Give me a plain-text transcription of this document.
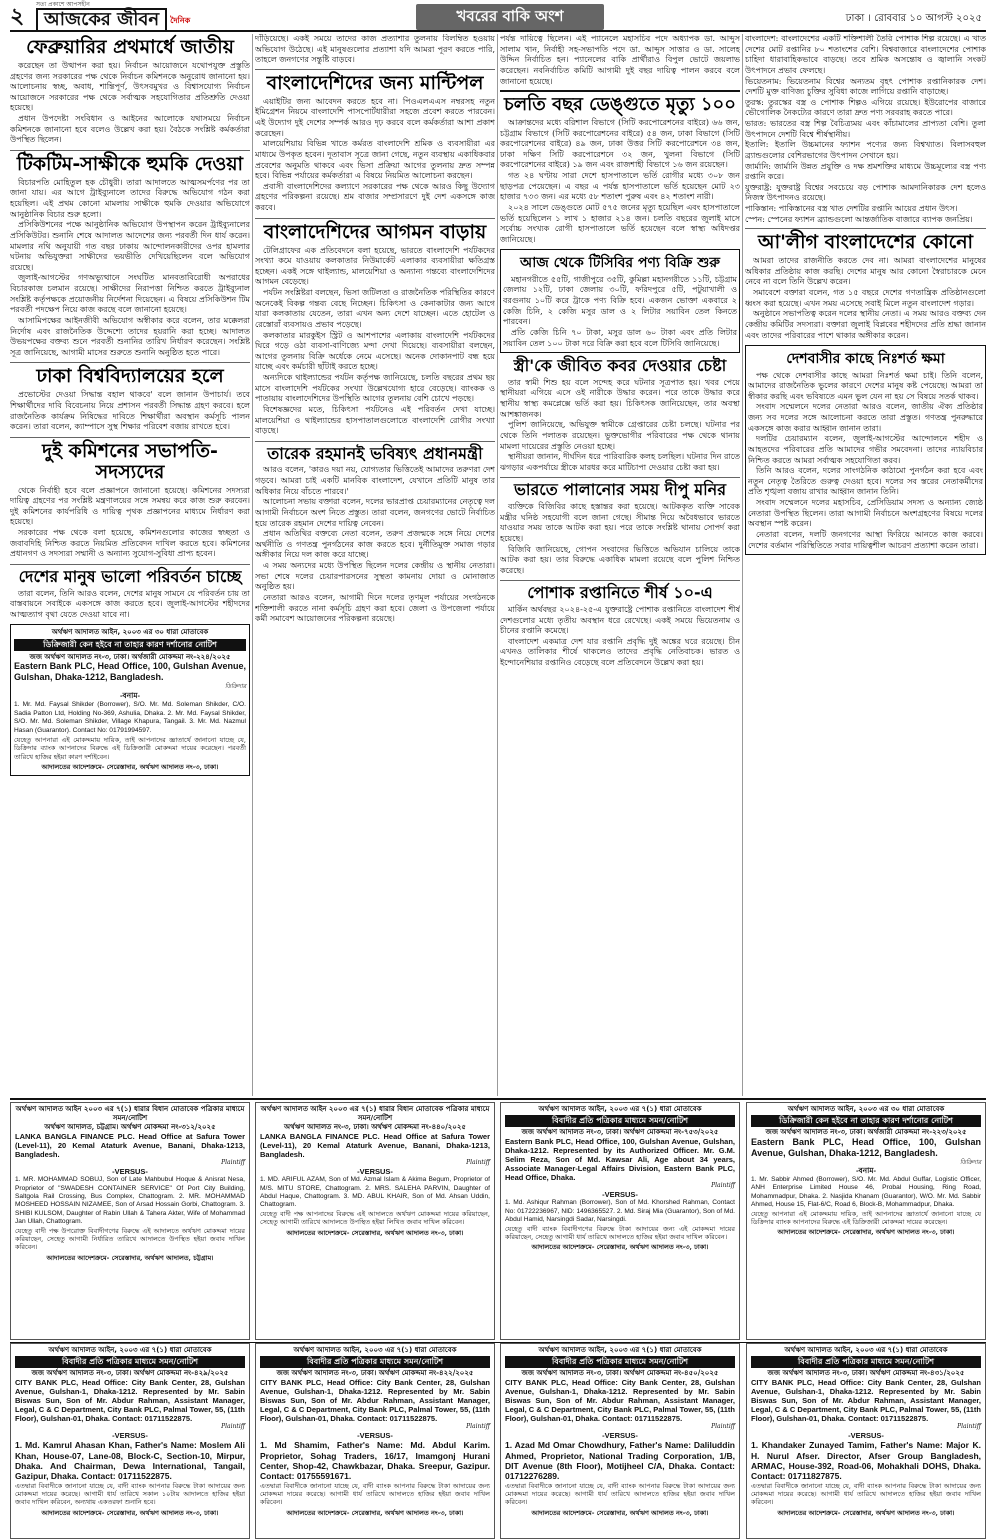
২	সত্য প্রকাশে আপসহীন
আজকের জীবন	দৈনিক	খবরের বাকি অংশ	ঢাকা । রোববার ১০ আগস্ট ২০২৫
ফেব্রুয়ারির প্রথমার্ধে জাতীয়

করেছেন তা উত্থাপন করা হয়। নির্বাচন আয়োজনে যথোপযুক্ত প্রস্তুতি গ্রহণের জন্য সরকারের পক্ষ থেকে নির্বাচন কমিশনকে অনুরোধ জানানো হয়। আলোচনায় স্বচ্ছ, অবাধ, শান্তিপূর্ণ, উৎসবমুখর ও বিশ্বাসযোগ্য নির্বাচন আয়োজনে সরকারের পক্ষ থেকে সর্বাত্মক সহযোগিতার প্রতিশ্রুতি দেওয়া হয়েছে।

প্রধান উপদেষ্টা সংবিধান ও আইনের আলোকে যথাসময়ে নির্বাচন কমিশনকে জানানো হবে বলেও উল্লেখ করা হয়। বৈঠকে সংশ্লিষ্ট কর্মকর্তারা উপস্থিত ছিলেন।

টিকটিম-সাক্ষীকে হুমকি দেওয়া

বিচারপতি মোহিতুল হক চৌধুরী। তারা আদালতে আত্মসমর্পণের পর তা জানা যায়। এর আগে ট্রাইব্যুনালে তাদের বিরুদ্ধে অভিযোগ গঠন করা হয়েছিল। এই প্রথম কোনো মামলায় সাক্ষীকে হুমকি দেওয়ার অভিযোগে আনুষ্ঠানিক বিচার শুরু হলো।

প্রসিকিউশনের পক্ষে আনুষ্ঠানিক অভিযোগ উপস্থাপন করেন ট্রাইব্যুনালের প্রসিকিউটর। শুনানি শেষে আদালত আদেশের জন্য পরবর্তী দিন ধার্য করেন। মামলার নথি অনুযায়ী গত বছর ঢাকায় আন্দোলনকারীদের ওপর হামলার ঘটনায় অভিযুক্তরা সাক্ষীদের ভয়ভীতি দেখিয়েছিলেন বলে অভিযোগ রয়েছে।

জুলাই-আগস্টের গণঅভ্যুত্থানে সংঘটিত মানবতাবিরোধী অপরাধের বিচারকাজ চলমান রয়েছে। সাক্ষীদের নিরাপত্তা নিশ্চিত করতে ট্রাইব্যুনাল সংশ্লিষ্ট কর্তৃপক্ষকে প্রয়োজনীয় নির্দেশনা দিয়েছেন। এ বিষয়ে প্রসিকিউশন টিম পরবর্তী পদক্ষেপ নিয়ে কাজ করছে বলে জানানো হয়েছে।

আসামিপক্ষের আইনজীবী অভিযোগ অস্বীকার করে বলেন, তার মক্কেলরা নির্দোষ এবং রাজনৈতিক উদ্দেশ্যে তাদের হয়রানি করা হচ্ছে। আদালত উভয়পক্ষের বক্তব্য শুনে পরবর্তী শুনানির তারিখ নির্ধারণ করেছেন। সংশ্লিষ্ট সূত্র জানিয়েছে, আগামী মাসের শুরুতে শুনানি অনুষ্ঠিত হতে পারে।

ঢাকা বিশ্ববিদ্যালয়ের হলে

প্রভোস্টের দেওয়া সিদ্ধান্ত বহাল থাকবে' বলে জানান উপাচার্য। তবে শিক্ষার্থীদের দাবি বিবেচনায় নিয়ে প্রশাসন পরবর্তী সিদ্ধান্ত গ্রহণ করবে। হলে রাজনৈতিক কার্যক্রম নিষিদ্ধের দাবিতে শিক্ষার্থীরা অবস্থান কর্মসূচি পালন করেন। তারা বলেন, ক্যাম্পাসে সুস্থ শিক্ষার পরিবেশ বজায় রাখতে হবে।

দুই কমিশনের সভাপতি-সদস্যদের

থেকে নির্বাহী হবে বলে প্রজ্ঞাপনে জানানো হয়েছে। কমিশনের সদস্যরা দায়িত্ব গ্রহণের পর সংশ্লিষ্ট মন্ত্রণালয়ের সঙ্গে সমন্বয় করে কাজ শুরু করবেন। দুই কমিশনের কার্যপরিধি ও দায়িত্ব পৃথক প্রজ্ঞাপনের মাধ্যমে নির্ধারণ করা হয়েছে।

সরকারের পক্ষ থেকে বলা হয়েছে, কমিশনগুলোর কাজের স্বচ্ছতা ও জবাবদিহি নিশ্চিত করতে নিয়মিত প্রতিবেদন দাখিল করতে হবে। কমিশনের প্রধানগণ ও সদস্যরা সম্মানী ও অন্যান্য সুযোগ-সুবিধা প্রাপ্য হবেন।

দেশের মানুষ ভালো পরিবর্তন চাচ্ছে

তারা বলেন, তিনি আরও বলেন, দেশের মানুষ সামনে যে পরিবর্তন চায় তা বাস্তবায়নে সবাইকে একসঙ্গে কাজ করতে হবে। জুলাই-আগস্টের শহীদদের আত্মত্যাগ বৃথা যেতে দেওয়া যাবে না।

অর্থঋণ আদালত আইন, ২০০৩ এর ৩০ ধারা মোতাবেক
ডিক্রিজারী কেন হইবে না তাহার কারণ দর্শানোর নোটিশ
জজ অর্থঋণ আদালত নং-৩, ঢাকা। অর্থজারী মোকদ্দমা নং-২২৪/২০২৫
Eastern Bank PLC, Head Office, 100, Gulshan Avenue, Gulshan, Dhaka-1212, Bangladesh.
ডিক্রিদার
-বনাম-
1. Mr. Md. Faysal Shikder (Borrower), S/O. Mr. Md. Soleman Shikder, C/O. Sadia Patton Ltd, Holding No-369, Ashulia, Dhaka. 2. Mr. Md. Faysal Shikder, S/O. Mr. Md. Soleman Shikder, Village Khapura, Tangail. 3. Mr. Md. Nazmul Hasan (Guarantor). Contact No: 01791994597.
যেহেতু আপনারা এই মোকদ্দমায় দায়িক, তাই আপনাদের জ্ঞাতার্থে জানানো যাচ্ছে যে, ডিক্রিদার ব্যাংক আপনাদের বিরুদ্ধে এই ডিক্রিজারী মোকদ্দমা দায়ের করেছেন। পরবর্তী তারিখে হাজির হইয়া কারণ দর্শাইবেন।
আদালতের আদেশক্রমে- সেরেস্তাদার, অর্থঋণ আদালত নং-৩, ঢাকা।

দাঁড়িয়েছে। একই সময়ে তাদের কাজ প্রত্যাশার তুলনায় বিলম্বিত হওয়ায় অভিযোগ উঠেছে। এই মানুষগুলোর প্রত্যাশা যদি আমরা পূরণ করতে পারি, তাহলে জনগণের সন্তুষ্টি বাড়বে।

বাংলাদেশিদের জন্য মান্টিপল

এয়াইটির জন্য আবেদন করতে হবে না। পিওএলএএস নম্বরসহ নতুন ইমিগ্রেশন নিয়মে বাংলাদেশি পাসপোর্টধারীরা সহজে প্রবেশ করতে পারবেন। এই উদ্যোগ দুই দেশের সম্পর্ক আরও দৃঢ় করবে বলে কর্মকর্তারা আশা প্রকাশ করেছেন।

মালয়েশিয়ায় বিভিন্ন খাতে কর্মরত বাংলাদেশি শ্রমিক ও ব্যবসায়ীরা এর মাধ্যমে উপকৃত হবেন। দূতাবাস সূত্রে জানা গেছে, নতুন ব্যবস্থায় একাধিকবার প্রবেশের অনুমতি থাকবে এবং ভিসা প্রক্রিয়া আগের তুলনায় দ্রুত সম্পন্ন হবে। বিভিন্ন পর্যায়ের কর্মকর্তারা এ বিষয়ে নিয়মিত আলোচনা করছেন।

প্রবাসী বাংলাদেশিদের কল্যাণে সরকারের পক্ষ থেকে আরও কিছু উদ্যোগ গ্রহণের পরিকল্পনা রয়েছে। শ্রম বাজার সম্প্রসারণে দুই দেশ একসঙ্গে কাজ করবে।

বাংলাদেশিদের আগমন বাড়ায়

টেলিগ্রাফের এক প্রতিবেদনে বলা হয়েছে, ভারতে বাংলাদেশি পর্যটকদের সংখ্যা কমে যাওয়ায় কলকাতার নিউমার্কেট এলাকার ব্যবসায়ীরা ক্ষতিগ্রস্ত হচ্ছেন। একই সঙ্গে থাইল্যান্ড, মালয়েশিয়া ও অন্যান্য গন্তব্যে বাংলাদেশিদের আগমন বেড়েছে।

পর্যটন সংশ্লিষ্টরা বলছেন, ভিসা জটিলতা ও রাজনৈতিক পরিস্থিতির কারণে অনেকেই বিকল্প গন্তব্য বেছে নিচ্ছেন। চিকিৎসা ও কেনাকাটার জন্য আগে যারা কলকাতায় যেতেন, তারা এখন অন্য দেশে যাচ্ছেন। এতে হোটেল ও রেস্তোরাঁ ব্যবসায়ও প্রভাব পড়েছে।

কলকাতার মারকুইস স্ট্রিট ও আশপাশের এলাকায় বাংলাদেশি পর্যটকদের ঘিরে গড়ে ওঠা ব্যবসা-বাণিজ্যে মন্দা দেখা দিয়েছে। ব্যবসায়ীরা বলছেন, আগের তুলনায় বিক্রি অর্ধেকে নেমে এসেছে। অনেক দোকানপাট বন্ধ হয়ে যাচ্ছে এবং কর্মচারী ছাঁটাই করতে হচ্ছে।

অন্যদিকে থাইল্যান্ডের পর্যটন কর্তৃপক্ষ জানিয়েছে, চলতি বছরের প্রথম ছয় মাসে বাংলাদেশি পর্যটকের সংখ্যা উল্লেখযোগ্য হারে বেড়েছে। ব্যাংকক ও পাতায়ায় বাংলাদেশিদের উপস্থিতি আগের তুলনায় বেশি চোখে পড়ছে।

বিশেষজ্ঞদের মতে, চিকিৎসা পর্যটনেও এই পরিবর্তন দেখা যাচ্ছে। মালয়েশিয়া ও থাইল্যান্ডের হাসপাতালগুলোতে বাংলাদেশি রোগীর সংখ্যা বাড়ছে।

তারেক রহমানই ভবিষ্যৎ প্রধানমন্ত্রী

আরও বলেন, 'কারও দয়া নয়, যোগ্যতার ভিত্তিতেই আমাদের তরুণরা দেশ গড়বে। আমরা চাই একটি মানবিক বাংলাদেশ, যেখানে প্রতিটি মানুষ তার অধিকার নিয়ে বাঁচতে পারবে।'

আলোচনা সভায় বক্তারা বলেন, দলের ভারপ্রাপ্ত চেয়ারম্যানের নেতৃত্বে দল আগামী নির্বাচনে অংশ নিতে প্রস্তুত। তারা বলেন, জনগণের ভোটে নির্বাচিত হয়ে তারেক রহমান দেশের দায়িত্ব নেবেন।

প্রধান অতিথির বক্তব্যে নেতা বলেন, তরুণ প্রজন্মকে সঙ্গে নিয়ে দেশের অর্থনীতি ও গণতন্ত্র পুনর্গঠনের কাজ করতে হবে। দুর্নীতিমুক্ত সমাজ গড়ার অঙ্গীকার নিয়ে দল কাজ করে যাচ্ছে।

এ সময় অন্যদের মধ্যে উপস্থিত ছিলেন দলের কেন্দ্রীয় ও স্থানীয় নেতারা। সভা শেষে দলের চেয়ারপারসনের সুস্থতা কামনায় দোয়া ও মোনাজাত অনুষ্ঠিত হয়।

নেতারা আরও বলেন, আগামী দিনে দলের তৃণমূল পর্যায়ের সংগঠনকে শক্তিশালী করতে নানা কর্মসূচি গ্রহণ করা হবে। জেলা ও উপজেলা পর্যায়ে কর্মী সমাবেশ আয়োজনের পরিকল্পনা রয়েছে।

পর্যন্ত দায়িত্বে ছিলেন। এই প্যানেলে মহাসচিব পদে অধ্যাপক ডা. আব্দুস সালাম খান, নির্বাহী সহ-সভাপতি পদে ডা. আব্দুস সাত্তার ও ডা. সালেহ উদ্দিন নির্বাচিত হন। প্যানেলের বাকি প্রার্থীরাও বিপুল ভোটে জয়লাভ করেছেন। নবনির্বাচিত কমিটি আগামী দুই বছর দায়িত্ব পালন করবে বলে জানানো হয়েছে।

চলতি বছর ডেঙ্গুতে মৃত্যু ১০০

আক্রান্তদের মধ্যে বরিশাল বিভাগে (সিটি করপোরেশনের বাইরে) ৬৬ জন, চট্টগ্রাম বিভাগে (সিটি করপোরেশনের বাইরে) ৫৪ জন, ঢাকা বিভাগে (সিটি করপোরেশনের বাইরে) ৪৯ জন, ঢাকা উত্তর সিটি করপোরেশনে ৩৪ জন, ঢাকা দক্ষিণ সিটি করপোরেশনে ৩২ জন, খুলনা বিভাগে (সিটি করপোরেশনের বাইরে) ১৯ জন এবং রাজশাহী বিভাগে ১৬ জন রয়েছেন।

গত ২৪ ঘণ্টায় সারা দেশে হাসপাতালে ভর্তি রোগীর মধ্যে ৩০৮ জন ছাড়পত্র পেয়েছেন। এ বছর এ পর্যন্ত হাসপাতালে ভর্তি হয়েছেন মোট ২৩ হাজার ৭৩৩ জন। এর মধ্যে ৫৮ শতাংশ পুরুষ এবং ৪২ শতাংশ নারী।

২০২৪ সালে ডেঙ্গুতে মোট ৫৭৫ জনের মৃত্যু হয়েছিল এবং হাসপাতালে ভর্তি হয়েছিলেন ১ লাখ ১ হাজার ২১৪ জন। চলতি বছরের জুলাই মাসে সর্বোচ্চ সংখ্যক রোগী হাসপাতালে ভর্তি হয়েছেন বলে স্বাস্থ্য অধিদপ্তর জানিয়েছে।

আজ থেকে টিসিবির পণ্য বিক্রি শুরু

মহানগরীতে ৫৫টি, গাজীপুরে ৩৫টি, কুমিল্লা মহানগরীতে ১১টি, চট্টগ্রাম জেলায় ১২টি, ঢাকা জেলায় ৩০টি, ফরিদপুরে ৫টি, পটুয়াখালী ও বরগুনায় ১০টি করে ট্রাকে পণ্য বিক্রি হবে। একজন ভোক্তা একবারে ২ কেজি চিনি, ২ কেজি মসুর ডাল ও ২ লিটার সয়াবিন তেল কিনতে পারবেন।

প্রতি কেজি চিনি ৭০ টাকা, মসুর ডাল ৬০ টাকা এবং প্রতি লিটার সয়াবিন তেল ১০০ টাকা দরে বিক্রি করা হবে বলে টিসিবি জানিয়েছে।

স্ত্রী'কে জীবিত কবর দেওয়ার চেষ্টা

তার স্বামী শিশু হয় বলে সন্দেহ করে ঘটনার সূত্রপাত হয়। খবর পেয়ে স্থানীয়রা এগিয়ে এসে ওই নারীকে উদ্ধার করেন। পরে তাকে উদ্ধার করে স্থানীয় স্বাস্থ্য কমপ্লেক্সে ভর্তি করা হয়। চিকিৎসক জানিয়েছেন, তার অবস্থা আশঙ্কাজনক।

পুলিশ জানিয়েছে, অভিযুক্ত স্বামীকে গ্রেপ্তারের চেষ্টা চলছে। ঘটনার পর থেকে তিনি পলাতক রয়েছেন। ভুক্তভোগীর পরিবারের পক্ষ থেকে থানায় মামলা দায়েরের প্রস্তুতি নেওয়া হচ্ছে।

স্থানীয়রা জানান, দীর্ঘদিন ধরে পারিবারিক কলহ চলছিল। ঘটনার দিন রাতে ঝগড়ার একপর্যায়ে স্ত্রীকে মারধর করে মাটিচাপা দেওয়ার চেষ্টা করা হয়।

ভারতে পালানোর সময় দীপু মনির

ব্যক্তিকে বিজিবির কাছে হস্তান্তর করা হয়েছে। আটককৃত ব্যক্তি সাবেক মন্ত্রীর ঘনিষ্ঠ সহযোগী বলে জানা গেছে। সীমান্ত দিয়ে অবৈধভাবে ভারতে যাওয়ার সময় তাকে আটক করা হয়। পরে তাকে সংশ্লিষ্ট থানায় সোপর্দ করা হয়েছে।

বিজিবি জানিয়েছে, গোপন সংবাদের ভিত্তিতে অভিযান চালিয়ে তাকে আটক করা হয়। তার বিরুদ্ধে একাধিক মামলা রয়েছে বলে পুলিশ নিশ্চিত করেছে।

পোশাক রপ্তানিতে শীর্ষ ১০-এ

মার্কিন অর্থবছর ২০২৪-২৫-এ যুক্তরাষ্ট্রে পোশাক রপ্তানিতে বাংলাদেশ শীর্ষ দেশগুলোর মধ্যে তৃতীয় অবস্থান ধরে রেখেছে। একই সময়ে ভিয়েতনাম ও চীনের রপ্তানি কমেছে।

বাংলাদেশ একমাত্র দেশ যার রপ্তানি প্রবৃদ্ধি দুই অঙ্কের ঘরে রয়েছে। চীন এখনও তালিকার শীর্ষে থাকলেও তাদের প্রবৃদ্ধি নেতিবাচক। ভারত ও ইন্দোনেশিয়ার রপ্তানিও বেড়েছে বলে প্রতিবেদনে উল্লেখ করা হয়।

বাংলাদেশ: বাংলাদেশের একটি শক্তিশালী তৈরি পোশাক শিল্প রয়েছে। এ খাত দেশের মোট রপ্তানির ৮০ শতাংশের বেশি। বিশ্ববাজারে বাংলাদেশের পোশাক চাহিদা ধারাবাহিকভাবে বাড়ছে। তবে শ্রমিক অসন্তোষ ও জ্বালানি সংকট উৎপাদনে প্রভাব ফেলছে।

ভিয়েতনাম: ভিয়েতনাম বিশ্বের অন্যতম বৃহৎ পোশাক রপ্তানিকারক দেশ। দেশটি মুক্ত বাণিজ্য চুক্তির সুবিধা কাজে লাগিয়ে রপ্তানি বাড়াচ্ছে।

তুরস্ক: তুরস্কের বস্ত্র ও পোশাক শিল্পও এগিয়ে রয়েছে। ইউরোপের বাজারে ভৌগোলিক নৈকট্যের কারণে তারা দ্রুত পণ্য সরবরাহ করতে পারে।

ভারত: ভারতের বস্ত্র শিল্প বৈচিত্র্যময় এবং কাঁচামালের প্রাপ্যতা বেশি। তুলা উৎপাদনে দেশটি বিশ্বে শীর্ষস্থানীয়।

ইতালি: ইতালি উচ্চমানের ফ্যাশন পণ্যের জন্য বিশ্বখ্যাত। বিলাসবহুল ব্র্যান্ডগুলোর বেশিরভাগের উৎপাদন সেখানে হয়।

জার্মানি: জার্মানি উন্নত প্রযুক্তি ও দক্ষ শ্রমশক্তির মাধ্যমে উচ্চমূল্যের বস্ত্র পণ্য রপ্তানি করে।

যুক্তরাষ্ট্র: যুক্তরাষ্ট্র বিশ্বের সবচেয়ে বড় পোশাক আমদানিকারক দেশ হলেও নিজস্ব উৎপাদনও রয়েছে।

পাকিস্তান: পাকিস্তানের বস্ত্র খাত দেশটির রপ্তানি আয়ের প্রধান উৎস।

স্পেন: স্পেনের ফ্যাশন ব্র্যান্ডগুলো আন্তর্জাতিক বাজারে ব্যাপক জনপ্রিয়।

আ'লীগ বাংলাদেশের কোনো

আমরা তাদের রাজনীতি করতে দেব না। আমরা বাংলাদেশের মানুষের অধিকার প্রতিষ্ঠায় কাজ করছি। দেশের মানুষ আর কোনো স্বৈরাচারকে মেনে নেবে না বলে তিনি উল্লেখ করেন।

সমাবেশে বক্তারা বলেন, গত ১৫ বছরে দেশের গণতান্ত্রিক প্রতিষ্ঠানগুলো ধ্বংস করা হয়েছে। এখন সময় এসেছে সবাই মিলে নতুন বাংলাদেশ গড়ার।

অনুষ্ঠানে সভাপতিত্ব করেন দলের স্থানীয় নেতা। এ সময় আরও বক্তব্য দেন কেন্দ্রীয় কমিটির সদস্যরা। বক্তারা জুলাই বিপ্লবের শহীদদের প্রতি শ্রদ্ধা জানান এবং তাদের পরিবারের পাশে থাকার অঙ্গীকার করেন।

দেশবাসীর কাছে নিঃশর্ত ক্ষমা

পক্ষ থেকে দেশবাসীর কাছে আমরা নিঃশর্ত ক্ষমা চাই। তিনি বলেন, আমাদের রাজনৈতিক ভুলের কারণে দেশের মানুষ কষ্ট পেয়েছে। আমরা তা স্বীকার করছি এবং ভবিষ্যতে এমন ভুল যেন না হয় সে বিষয়ে সতর্ক থাকব।

সংবাদ সম্মেলনে দলের নেতারা আরও বলেন, জাতীয় ঐক্য প্রতিষ্ঠার জন্য সব দলের সঙ্গে আলোচনা করতে তারা প্রস্তুত। গণতন্ত্র পুনরুদ্ধারে একসঙ্গে কাজ করার আহ্বান জানান তারা।

দলটির চেয়ারম্যান বলেন, জুলাই-আগস্টের আন্দোলনে শহীদ ও আহতদের পরিবারের প্রতি আমাদের গভীর সমবেদনা। তাদের ন্যায়বিচার নিশ্চিত করতে আমরা সর্বাত্মক সহযোগিতা করব।

তিনি আরও বলেন, দলের সাংগঠনিক কাঠামো পুনর্গঠন করা হবে এবং নতুন নেতৃত্ব তৈরিতে গুরুত্ব দেওয়া হবে। দলের সব স্তরের নেতাকর্মীদের প্রতি শৃঙ্খলা বজায় রাখার আহ্বান জানান তিনি।

সংবাদ সম্মেলনে দলের মহাসচিব, প্রেসিডিয়াম সদস্য ও অন্যান্য জ্যেষ্ঠ নেতারা উপস্থিত ছিলেন। তারা আগামী নির্বাচনে অংশগ্রহণের বিষয়ে দলের অবস্থান স্পষ্ট করেন।

নেতারা বলেন, দলটি জনগণের আস্থা ফিরিয়ে আনতে কাজ করবে। দেশের বর্তমান পরিস্থিতিতে সবার দায়িত্বশীল আচরণ প্রত্যাশা করেন তারা।

অর্থঋণ আদালত আইন ২০০৩ এর ৭(১) ধারার বিধান মোতাবেক পত্রিকার মাধ্যমে সমন/নোটিশ
অর্থঋণ আদালত, চট্টগ্রাম। অর্থঋণ মোকদ্দমা নং-৩১২/২০২৫
LANKA BANGLA FINANCE PLC. Head Office at Safura Tower (Level-11), 20 Kemal Ataturk Avenue, Banani, Dhaka-1213, Bangladesh.
Plaintiff
-VERSUS-
1. MR. MOHAMMAD SOBUJ, Son of Late Mahbubul Hoque & Anisrat Nesa, Proprietor of "SWADESH CONTAINER SERVICE" Of Port City Building, Saltgola Rail Crossing, Bus Complex, Chattogram. 2. MR. MOHAMMAD MOSHEED HOSSAIN NIZAMEE, Son of Arsad Hossain Gorbi, Chattogram. 3. SHIBI KULSOM, Daughter of Rabin Ullah & Tahera Akter, Wife of Mohammad Jan Ullah, Chattogram.
যেহেতু বাদী পক্ষ উপরোক্ত বিবাদীগণের বিরুদ্ধে এই আদালতে অর্থঋণ মোকদ্দমা দায়ের করিয়াছেন, সেহেতু আগামী নির্ধারিত তারিখে আদালতে উপস্থিত হইয়া জবাব দাখিল করিবেন।
আদালতের আদেশক্রমে- সেরেস্তাদার, অর্থঋণ আদালত, চট্টগ্রাম।
অর্থঋণ আদালত আইন ২০০৩ এর ৭(১) ধারার বিধান মোতাবেক পত্রিকার মাধ্যমে সমন/নোটিশ
অর্থঋণ আদালত নং-৩, ঢাকা। অর্থঋণ মোকদ্দমা নং-৪৪০/২০২৫
LANKA BANGLA FINANCE PLC. Head Office at Safura Tower (Level-11), 20 Kemal Ataturk Avenue, Banani, Dhaka-1213, Bangladesh.
Plaintiff
-VERSUS-
1. MD. ARIFUL AZAM, Son of Md. Azmal Islam & Akima Begum, Proprietor of M/S. MITU STORE, Chattogram. 2. MRS. SALEHA PARVIN, Daughter of Abdul Haque, Chattogram. 3. MD. ABUL KHAIR, Son of Md. Ahsan Uddin, Chattogram.
যেহেতু বাদী পক্ষ আপনাদের বিরুদ্ধে এই আদালতে অর্থঋণ মোকদ্দমা দায়ের করিয়াছেন, সেহেতু আগামী তারিখে আদালতে উপস্থিত হইয়া লিখিত জবাব দাখিল করিবেন।
আদালতের আদেশক্রমে- সেরেস্তাদার, অর্থঋণ আদালত নং-৩, ঢাকা।
অর্থঋণ আদালত আইন, ২০০৩ এর ৭(১) ধারা মোতাবেক
বিবাদীর প্রতি পত্রিকার মাধ্যমে সমন/নোটিশ
জজ অর্থঋণ আদালত নং-৩, ঢাকা। অর্থঋণ মোকদ্দমা নং-৭৫৩/২০২৫
Eastern Bank PLC, Head Office, 100, Gulshan Avenue, Gulshan, Dhaka-1212. Represented by its Authorized Officer. Mr. G.M. Selim Reza, Son of Md. Kawsar Ali, Age about 34 years, Associate Manager-Legal Affairs Division, Eastern Bank PLC, Head Office, Dhaka.
Plaintiff
-VERSUS-
1. Md. Ashiqur Rahman (Borrower), Son of Md. Khorshed Rahman, Contact No: 01722236967, NID: 1496365527. 2. Md. Siraj Mia (Guarantor), Son of Md. Abdul Hamid, Narsingdi Sadar, Narsingdi.
যেহেতু বাদী ব্যাংক বিবাদীগণের বিরুদ্ধে টাকা আদায়ের জন্য এই মোকদ্দমা দায়ের করিয়াছেন, সেহেতু আগামী ধার্য তারিখে আদালতে হাজির হইয়া জবাব দাখিল করিবেন।
আদালতের আদেশক্রমে- সেরেস্তাদার, অর্থঋণ আদালত নং-৩, ঢাকা।
অর্থঋণ আদালত আইন, ২০০৩ এর ৩০ ধারা মোতাবেক
ডিক্রিজারী কেন হইবে না তাহার কারণ দর্শানোর নোটিশ
জজ অর্থঋণ আদালত নং-৩, ঢাকা। অর্থজারী মোকদ্দমা নং-২২৩/২০২৫
Eastern Bank PLC, Head Office, 100, Gulshan Avenue, Gulshan, Dhaka-1212, Bangladesh.
ডিক্রিদার
-বনাম-
1. Mr. Sabbir Ahmed (Borrower), S/O. Mr. Md. Abdul Guffar, Logistic Officer, ANH Enterprise Limited House 46, Probal Housing, Ring Road, Mohammadpur, Dhaka. 2. Nasjida Khanam (Guarantor), W/O. Mr. Md. Sabbir Ahmed, House 15, Flat-6/C, Road 6, Block-B, Mohammadpur, Dhaka.
যেহেতু আপনারা এই মোকদ্দমায় দায়িক, তাই আপনাদের জ্ঞাতার্থে জানানো যাচ্ছে যে ডিক্রিদার ব্যাংক আপনাদের বিরুদ্ধে এই ডিক্রিজারী মোকদ্দমা দায়ের করেছেন।
আদালতের আদেশক্রমে- সেরেস্তাদার, অর্থঋণ আদালত নং-৩, ঢাকা।
অর্থঋণ আদালত আইন, ২০০৩ এর ৭(১) ধারা মোতাবেক
বিবাদীর প্রতি পত্রিকার মাধ্যমে সমন/নোটিশ
জজ অর্থঋণ আদালত নং-৩, ঢাকা। অর্থঋণ মোকদ্দমা নং-৪২৯/২০২৫
CITY BANK PLC, Head Office: City Bank Center, 28, Gulshan Avenue, Gulshan-1, Dhaka-1212. Represented by Mr. Sabin Biswas Sun, Son of Mr. Abdur Rahman, Assistant Manager, Legal, C & C Department, City Bank PLC, Palmal Tower, 55, (11th Floor), Gulshan-01, Dhaka. Contact: 01711522875.
Plaintiff
-VERSUS-
1. Md. Kamrul Ahasan Khan, Father's Name: Moslem Ali Khan, House-07, Lane-08, Block-C, Section-10, Mirpur, Dhaka. And Chairman, Dewa International, Tangail, Gazipur, Dhaka. Contact: 01711522875.
এতদ্বারা বিবাদীকে জানানো যাচ্ছে যে, বাদী ব্যাংক আপনার বিরুদ্ধে টাকা আদায়ের জন্য মোকদ্দমা দায়ের করেছে। আগামী ধার্য তারিখে সকাল ১০টায় আদালতে হাজির হইয়া জবাব দাখিল করিবেন, অন্যথায় একতরফা শুনানি হবে।
আদালতের আদেশক্রমে- সেরেস্তাদার, অর্থঋণ আদালত নং-৩, ঢাকা।
অর্থঋণ আদালত আইন, ২০০৩ এর ৭(১) ধারা মোতাবেক
বিবাদীর প্রতি পত্রিকার মাধ্যমে সমন/নোটিশ
জজ অর্থঋণ আদালত নং-৩, ঢাকা। অর্থঋণ মোকদ্দমা নং-৪২২/২০২৫
CITY BANK PLC, Head Office: City Bank Center, 28, Gulshan Avenue, Gulshan-1, Dhaka-1212. Represented by Mr. Sabin Biswas Sun, Son of Mr. Abdur Rahman, Assistant Manager, Legal, C & C Department, City Bank PLC, Palmal Tower, 55, (11th Floor), Gulshan-01, Dhaka. Contact: 01711522875.
Plaintiff
-VERSUS-
1. Md Shamim, Father's Name: Md. Abdul Karim. Proprietor, Sohag Traders, 16/17, Imamgonj Hurani Center, Shop-42, Chawkbazar, Dhaka. Sreepur, Gazipur. Contact: 01755591671.
এতদ্বারা বিবাদীকে জানানো যাচ্ছে যে, বাদী ব্যাংক আপনার বিরুদ্ধে টাকা আদায়ের জন্য মোকদ্দমা দায়ের করেছে। আগামী ধার্য তারিখে আদালতে হাজির হইয়া জবাব দাখিল করিবেন।
আদালতের আদেশক্রমে- সেরেস্তাদার, অর্থঋণ আদালত নং-৩, ঢাকা।
অর্থঋণ আদালত আইন, ২০০৩ এর ৭(১) ধারা মোতাবেক
বিবাদীর প্রতি পত্রিকার মাধ্যমে সমন/নোটিশ
জজ অর্থঋণ আদালত নং-৩, ঢাকা। অর্থঋণ মোকদ্দমা নং-৪৫০/২০২৫
CITY BANK PLC, Head Office: City Bank Center, 28, Gulshan Avenue, Gulshan-1, Dhaka-1212. Represented by Mr. Sabin Biswas Sun, Son of Mr. Abdur Rahman, Assistant Manager, Legal, C & C Department, City Bank PLC, Palmal Tower, 55, (11th Floor), Gulshan-01, Dhaka. Contact: 01711522875.
Plaintiff
-VERSUS-
1. Azad Md Omar Chowdhury, Father's Name: Daliluddin Ahmed, Proprietor, National Trading Corporation, 1/B, DIT Avenue (8th Floor), Motijheel C/A, Dhaka. Contact: 01712276289.
এতদ্বারা বিবাদীকে জানানো যাচ্ছে যে, বাদী ব্যাংক আপনার বিরুদ্ধে টাকা আদায়ের জন্য মোকদ্দমা দায়ের করেছে। আগামী ধার্য তারিখে আদালতে হাজির হইয়া জবাব দাখিল করিবেন।
আদালতের আদেশক্রমে- সেরেস্তাদার, অর্থঋণ আদালত নং-৩, ঢাকা।
অর্থঋণ আদালত আইন, ২০০৩ এর ৭(১) ধারা মোতাবেক
বিবাদীর প্রতি পত্রিকার মাধ্যমে সমন/নোটিশ
জজ অর্থঋণ আদালত নং-৩, ঢাকা। অর্থঋণ মোকদ্দমা নং-৪৩১/২০২৫
CITY BANK PLC, Head Office: City Bank Center, 28, Gulshan Avenue, Gulshan-1, Dhaka-1212. Represented by Mr. Sabin Biswas Sun, Son of Mr. Abdur Rahman, Assistant Manager, Legal, C & C Department, City Bank PLC, Palmal Tower, 55, (11th Floor), Gulshan-01, Dhaka. Contact: 01711522875.
Plaintiff
-VERSUS-
1. Khandaker Zunayed Tamim, Father's Name: Major K. H. Nurul Afser. Director, Afser Group Bangladesh, ARMAC, House-392, Road-06, Mohakhali DOHS, Dhaka. Contact: 01711827875.
এতদ্বারা বিবাদীকে জানানো যাচ্ছে যে, বাদী ব্যাংক আপনার বিরুদ্ধে টাকা আদায়ের জন্য মোকদ্দমা দায়ের করেছে। আগামী ধার্য তারিখে আদালতে হাজির হইয়া জবাব দাখিল করিবেন।
আদালতের আদেশক্রমে- সেরেস্তাদার, অর্থঋণ আদালত নং-৩, ঢাকা।
